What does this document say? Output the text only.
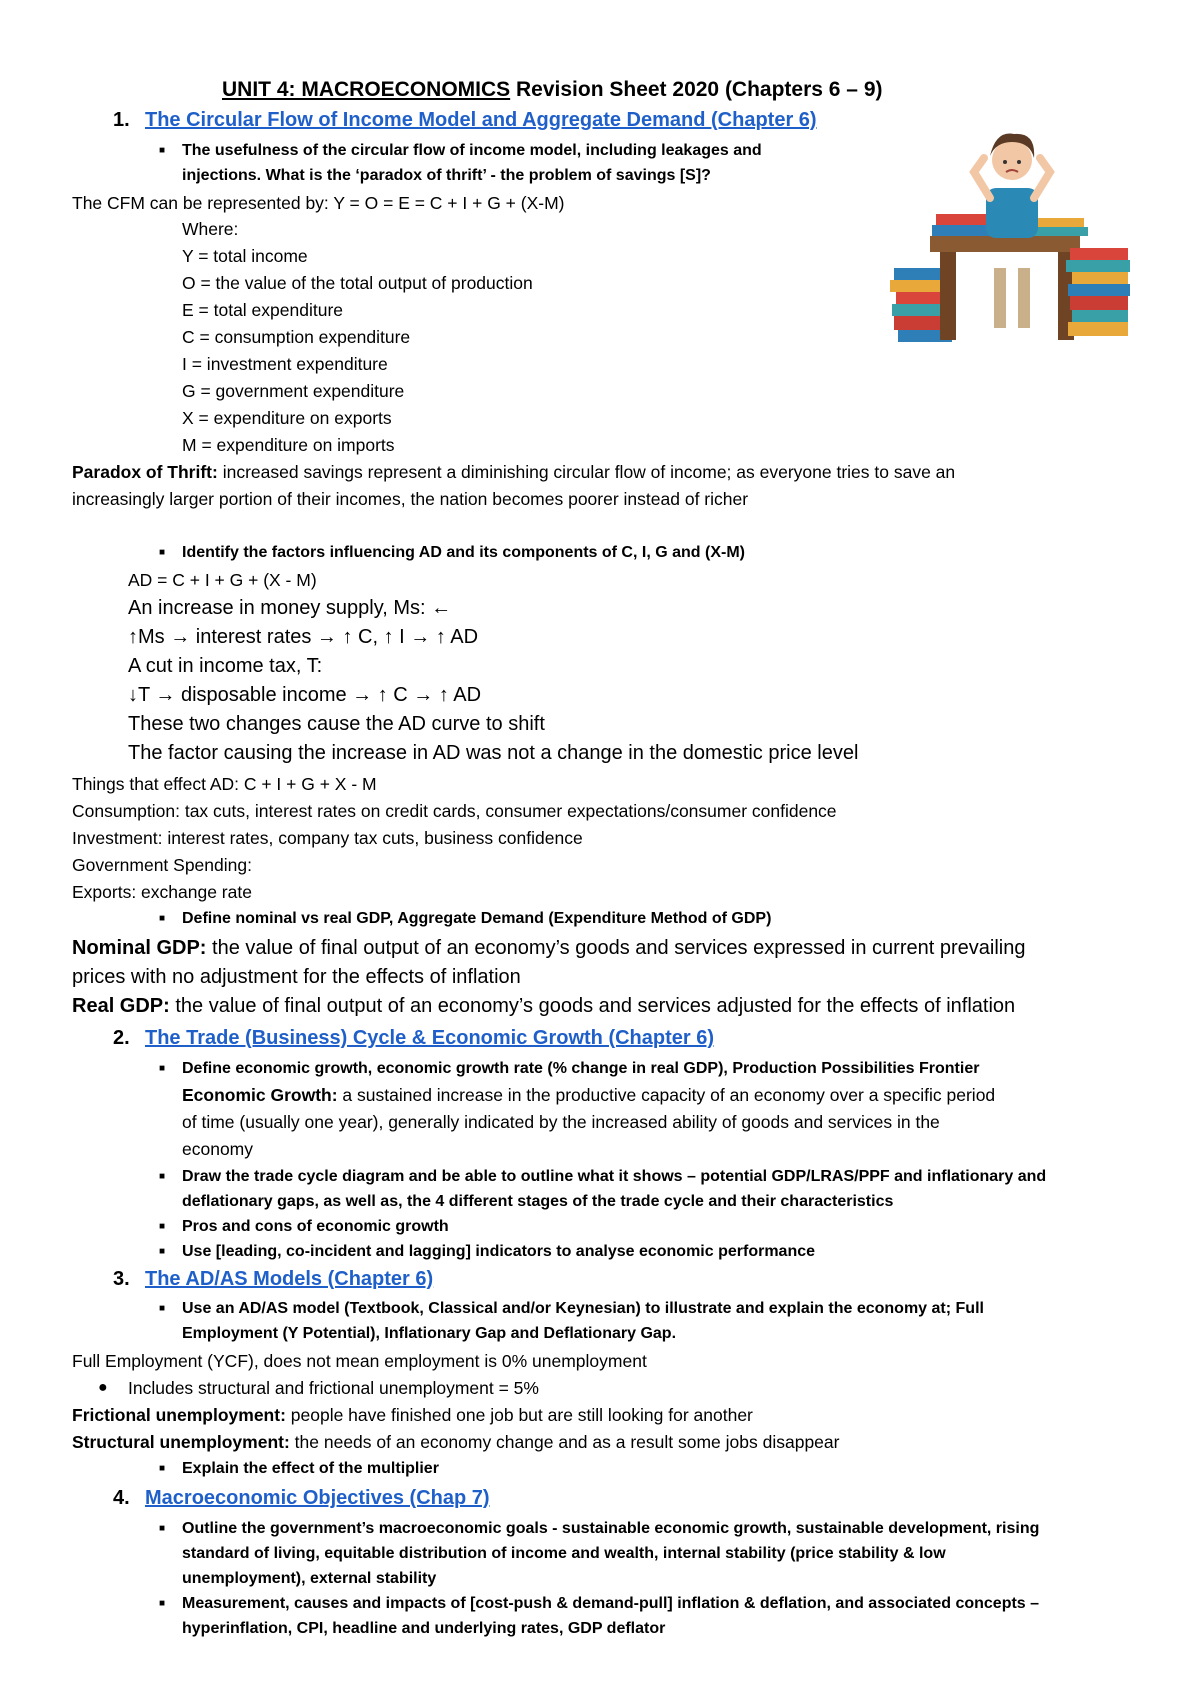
UNIT 4: MACROECONOMICS Revision Sheet 2020 (Chapters 6 – 9)
1. The Circular Flow of Income Model and Aggregate Demand (Chapter 6)
■ The usefulness of the circular flow of income model, including leakages and
injections. What is the ‘paradox of thrift’ - the problem of savings [S]?
The CFM can be represented by: Y = O = E = C + I + G + (X-M)
Where:
Y = total income
O = the value of the total output of production
E = total expenditure
C = consumption expenditure
I = investment expenditure
G = government expenditure
X = expenditure on exports
M = expenditure on imports
Paradox of Thrift: increased savings represent a diminishing circular flow of income; as everyone tries to save an
increasingly larger portion of their incomes, the nation becomes poorer instead of richer
■ Identify the factors influencing AD and its components of C, I, G and (X-M)
AD = C + I + G + (X - M)
An increase in money supply, Ms: ←
↑Ms → interest rates → ↑ C, ↑ I → ↑ AD
A cut in income tax, T:
↓T → disposable income → ↑ C → ↑ AD
These two changes cause the AD curve to shift
The factor causing the increase in AD was not a change in the domestic price level
Things that effect AD: C + I + G + X - M
Consumption: tax cuts, interest rates on credit cards, consumer expectations/consumer confidence
Investment: interest rates, company tax cuts, business confidence
Government Spending:
Exports: exchange rate
■ Define nominal vs real GDP, Aggregate Demand (Expenditure Method of GDP)
Nominal GDP: the value of final output of an economy’s goods and services expressed in current prevailing
prices with no adjustment for the effects of inflation
Real GDP: the value of final output of an economy’s goods and services adjusted for the effects of inflation
2. The Trade (Business) Cycle & Economic Growth (Chapter 6)
■ Define economic growth, economic growth rate (% change in real GDP), Production Possibilities Frontier
Economic Growth: a sustained increase in the productive capacity of an economy over a specific period
of time (usually one year), generally indicated by the increased ability of goods and services in the
economy
■ Draw the trade cycle diagram and be able to outline what it shows – potential GDP/LRAS/PPF and inflationary and
deflationary gaps, as well as, the 4 different stages of the trade cycle and their characteristics
■ Pros and cons of economic growth
■ Use [leading, co-incident and lagging] indicators to analyse economic performance
3. The AD/AS Models (Chapter 6)
■ Use an AD/AS model (Textbook, Classical and/or Keynesian) to illustrate and explain the economy at; Full
Employment (Y Potential), Inflationary Gap and Deflationary Gap.
Full Employment (YCF), does not mean employment is 0% unemployment
● Includes structural and frictional unemployment = 5%
Frictional unemployment: people have finished one job but are still looking for another
Structural unemployment: the needs of an economy change and as a result some jobs disappear
■ Explain the effect of the multiplier
4. Macroeconomic Objectives (Chap 7)
■ Outline the government’s macroeconomic goals - sustainable economic growth, sustainable development, rising
standard of living, equitable distribution of income and wealth, internal stability (price stability & low
unemployment), external stability
■ Measurement, causes and impacts of [cost-push & demand-pull] inflation & deflation, and associated concepts –
hyperinflation, CPI, headline and underlying rates, GDP deflator
